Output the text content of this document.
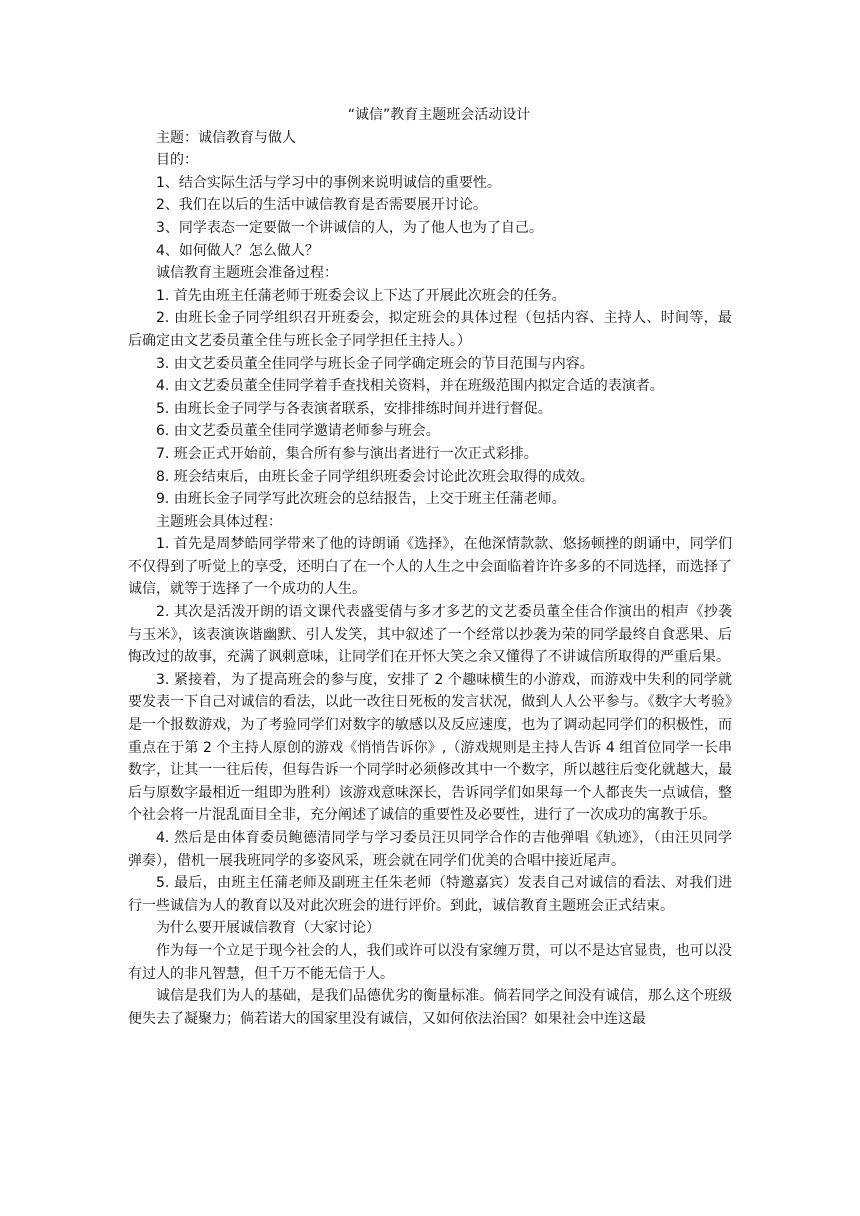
“诚信”教育主题班会活动设计

主题：诚信教育与做人

目的：

1、结合实际生活与学习中的事例来说明诚信的重要性。

2、我们在以后的生活中诚信教育是否需要展开讨论。

3、同学表态一定要做一个讲诚信的人，为了他人也为了自己。

4、如何做人？怎么做人？

诚信教育主题班会准备过程：

1. 首先由班主任蒲老师于班委会议上下达了开展此次班会的任务。

2. 由班长金子同学组织召开班委会，拟定班会的具体过程（包括内容、主持人、时间等，最后确定由文艺委员董全佳与班长金子同学担任主持人。）

3. 由文艺委员董全佳同学与班长金子同学确定班会的节目范围与内容。

4. 由文艺委员董全佳同学着手查找相关资料，并在班级范围内拟定合适的表演者。

5. 由班长金子同学与各表演者联系，安排排练时间并进行督促。

6. 由文艺委员董全佳同学邀请老师参与班会。

7. 班会正式开始前，集合所有参与演出者进行一次正式彩排。

8. 班会结束后，由班长金子同学组织班委会讨论此次班会取得的成效。

9. 由班长金子同学写此次班会的总结报告，上交于班主任蒲老师。

主题班会具体过程：

1. 首先是周梦皓同学带来了他的诗朗诵《选择》，在他深情款款、悠扬顿挫的朗诵中，同学们不仅得到了听觉上的享受，还明白了在一个人的人生之中会面临着许许多多的不同选择，而选择了诚信，就等于选择了一个成功的人生。

2. 其次是活泼开朗的语文课代表盛雯倩与多才多艺的文艺委员董全佳合作演出的相声《抄袭与玉米》，该表演诙谐幽默、引人发笑，其中叙述了一个经常以抄袭为荣的同学最终自食恶果、后悔改过的故事，充满了讽刺意味，让同学们在开怀大笑之余又懂得了不讲诚信所取得的严重后果。

3. 紧接着，为了提高班会的参与度，安排了 2 个趣味横生的小游戏，而游戏中失利的同学就要发表一下自己对诚信的看法，以此一改往日死板的发言状况，做到人人公平参与。《数字大考验》是一个报数游戏，为了考验同学们对数字的敏感以及反应速度，也为了调动起同学们的积极性，而重点在于第 2 个主持人原创的游戏《悄悄告诉你》,（游戏规则是主持人告诉 4 组首位同学一长串数字，让其一一往后传，但每告诉一个同学时必须修改其中一个数字，所以越往后变化就越大，最后与原数字最相近一组即为胜利）该游戏意味深长，告诉同学们如果每一个人都丧失一点诚信，整个社会将一片混乱面目全非，充分阐述了诚信的重要性及必要性，进行了一次成功的寓教于乐。

4. 然后是由体育委员鲍德清同学与学习委员汪贝同学合作的吉他弹唱《轨迹》，（由汪贝同学弹奏），借机一展我班同学的多姿风采，班会就在同学们优美的合唱中接近尾声。

5. 最后，由班主任蒲老师及副班主任朱老师（特邀嘉宾）发表自己对诚信的看法、对我们进行一些诚信为人的教育以及对此次班会的进行评价。到此，诚信教育主题班会正式结束。

为什么要开展诚信教育（大家讨论）

作为每一个立足于现今社会的人，我们或许可以没有家缠万贯，可以不是达官显贵，也可以没有过人的非凡智慧，但千万不能无信于人。

诚信是我们为人的基础，是我们品德优劣的衡量标准。倘若同学之间没有诚信，那么这个班级便失去了凝聚力；倘若诺大的国家里没有诚信，又如何依法治国？如果社会中连这最
